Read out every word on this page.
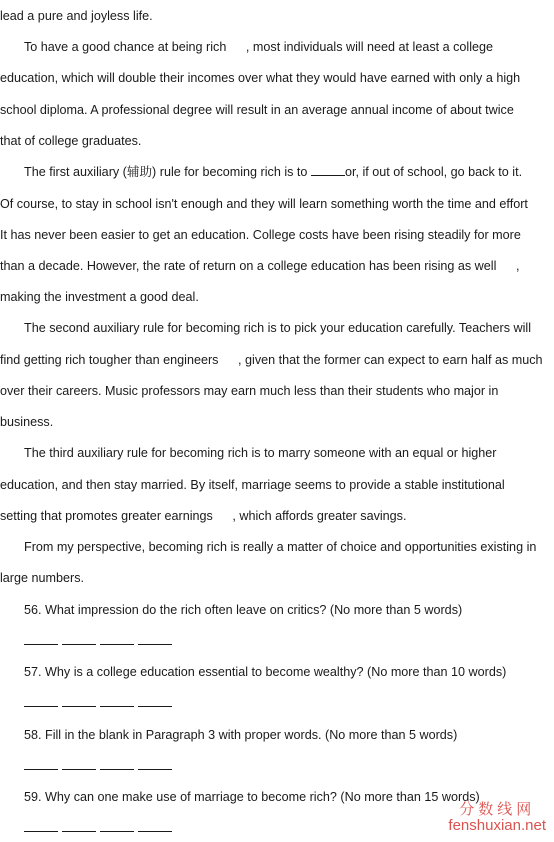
lead a pure and joyless life.
To have a good chance at being rich 　 , most individuals will need at least a college
education, which will double their incomes over what they would have earned with only a high
school diploma. A professional degree will result in an average annual income of about twice
that of college graduates.
The first auxiliary (辅助) rule for becoming rich is to	or, if out of school, go back to it.
Of course, to stay in school isn't enough and they will learn something worth the time and effort
It has never been easier to get an education. College costs have been rising steadily for more
than a decade. However, the rate of return on a college education has been rising as well 　 ,
making the investment a good deal.
The second auxiliary rule for becoming rich is to pick your education carefully. Teachers will
find getting rich tougher than engineers 　 , given that the former can expect to earn half as much
over their careers. Music professors may earn much less than their students who major in
business.
The third auxiliary rule for becoming rich is to marry someone with an equal or higher
education, and then stay married. By itself, marriage seems to provide a stable institutional
setting that promotes greater earnings 　 , which affords greater savings.
From my perspective, becoming rich is really a matter of choice and opportunities existing in
large numbers.
56. What impression do the rich often leave on critics? (No more than 5 words)
57. Why is a college education essential to become wealthy? (No more than 10 words)
58. Fill in the blank in Paragraph 3 with proper words. (No more than 5 words)
59. Why can one make use of marriage to become rich? (No more than 15 words)
分数线网
fenshuxian.net
